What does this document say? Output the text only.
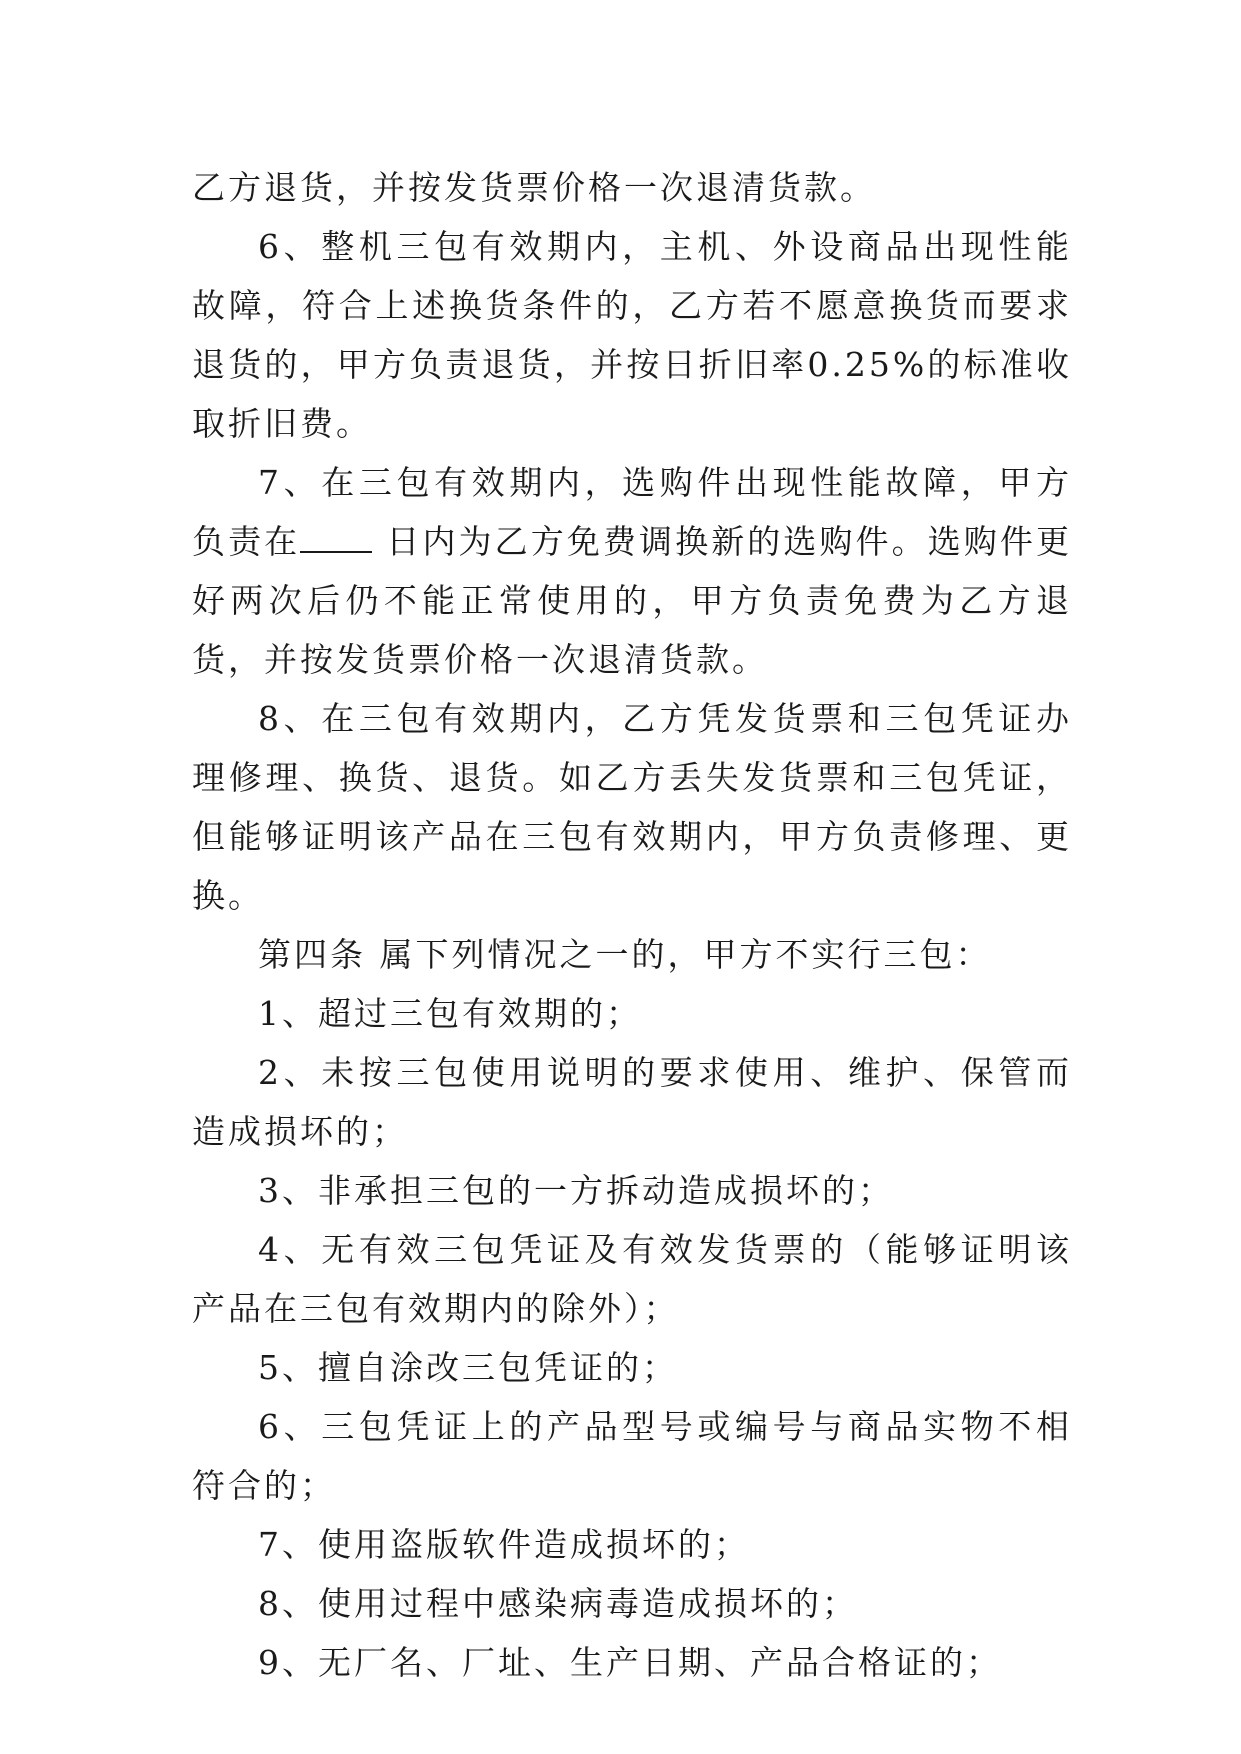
乙方退货，并按发货票价格一次退清货款。

6、整机三包有效期内，主机、外设商品出现性能故障，符合上述换货条件的，乙方若不愿意换货而要求退货的，甲方负责退货，并按日折旧率0.25%的标准收取折旧费。

7、在三包有效期内，选购件出现性能故障，甲方负责在	日内为乙方免费调换新的选购件。选购件更好两次后仍不能正常使用的，甲方负责免费为乙方退货，并按发货票价格一次退清货款。

8、在三包有效期内，乙方凭发货票和三包凭证办理修理、换货、退货。如乙方丢失发货票和三包凭证，但能够证明该产品在三包有效期内，甲方负责修理、更换。

第四条 属下列情况之一的，甲方不实行三包：

1、超过三包有效期的；

2、未按三包使用说明的要求使用、维护、保管而造成损坏的；

3、非承担三包的一方拆动造成损坏的；

4、无有效三包凭证及有效发货票的（能够证明该产品在三包有效期内的除外）；

5、擅自涂改三包凭证的；

6、三包凭证上的产品型号或编号与商品实物不相符合的；

7、使用盗版软件造成损坏的；

8、使用过程中感染病毒造成损坏的；

9、无厂名、厂址、生产日期、产品合格证的；
